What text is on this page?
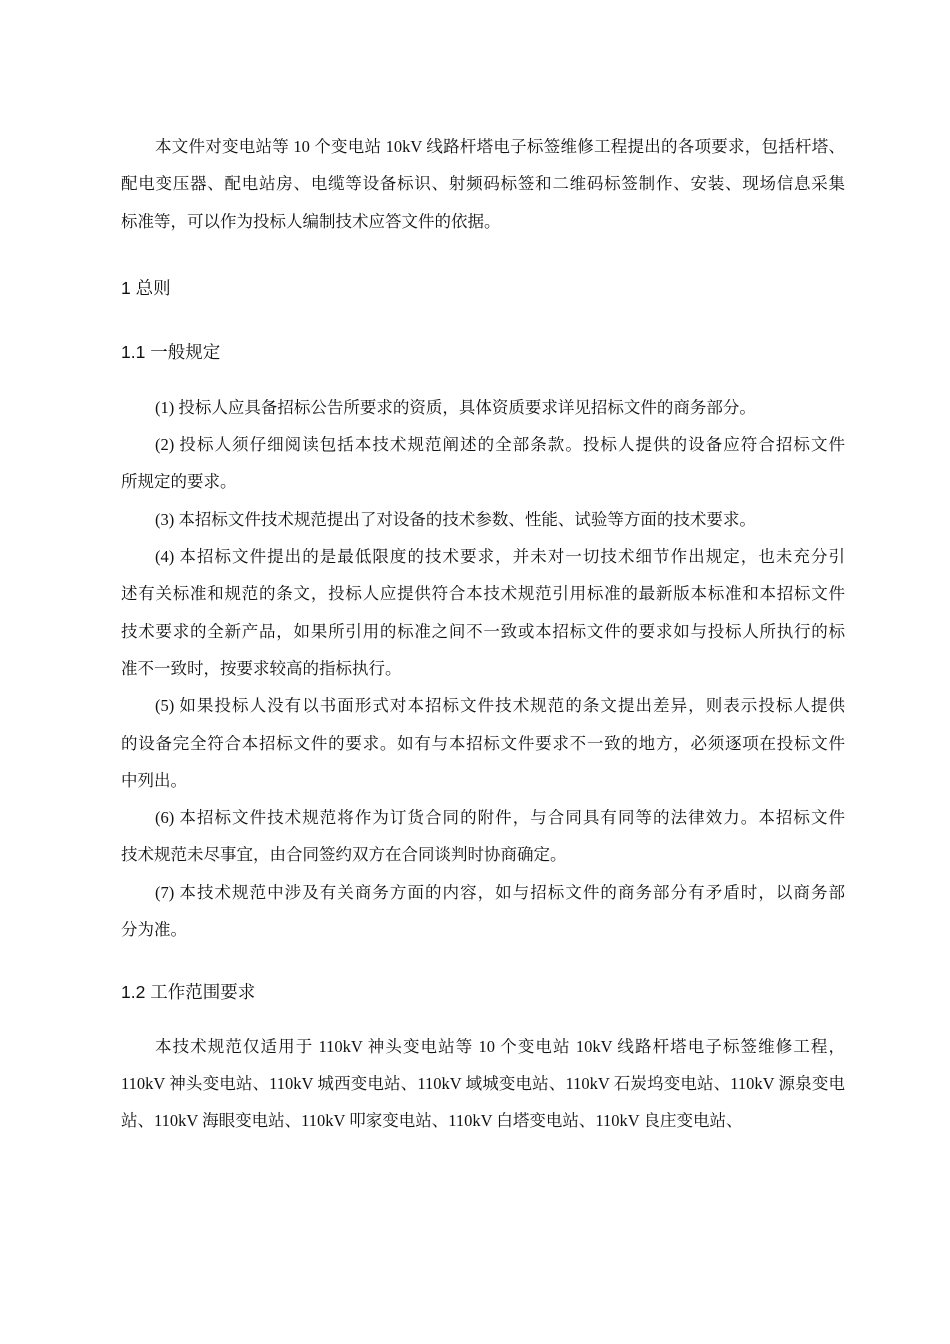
本文件对变电站等 10 个变电站 10kV 线路杆塔电子标签维修工程提出的各项要求，包括杆塔、
配电变压器、配电站房、电缆等设备标识、射频码标签和二维码标签制作、安装、现场信息采集
标准等，可以作为投标人编制技术应答文件的依据。
1 总则
1.1 一般规定
(1) 投标人应具备招标公告所要求的资质，具体资质要求详见招标文件的商务部分。
(2) 投标人须仔细阅读包括本技术规范阐述的全部条款。投标人提供的设备应符合招标文件
所规定的要求。
(3) 本招标文件技术规范提出了对设备的技术参数、性能、试验等方面的技术要求。
(4) 本招标文件提出的是最低限度的技术要求，并未对一切技术细节作出规定，也未充分引
述有关标准和规范的条文，投标人应提供符合本技术规范引用标准的最新版本标准和本招标文件
技术要求的全新产品，如果所引用的标准之间不一致或本招标文件的要求如与投标人所执行的标
准不一致时，按要求较高的指标执行。
(5) 如果投标人没有以书面形式对本招标文件技术规范的条文提出差异，则表示投标人提供
的设备完全符合本招标文件的要求。如有与本招标文件要求不一致的地方，必须逐项在投标文件
中列出。
(6) 本招标文件技术规范将作为订货合同的附件，与合同具有同等的法律效力。本招标文件
技术规范未尽事宜，由合同签约双方在合同谈判时协商确定。
(7) 本技术规范中涉及有关商务方面的内容，如与招标文件的商务部分有矛盾时，以商务部
分为准。
1.2 工作范围要求
本技术规范仅适用于 110kV 神头变电站等 10 个变电站 10kV 线路杆塔电子标签维修工程，
110kV 神头变电站、110kV 城西变电站、110kV 域城变电站、110kV 石炭坞变电站、110kV 源泉变电
站、110kV 海眼变电站、110kV 叩家变电站、110kV 白塔变电站、110kV 良庄变电站、
